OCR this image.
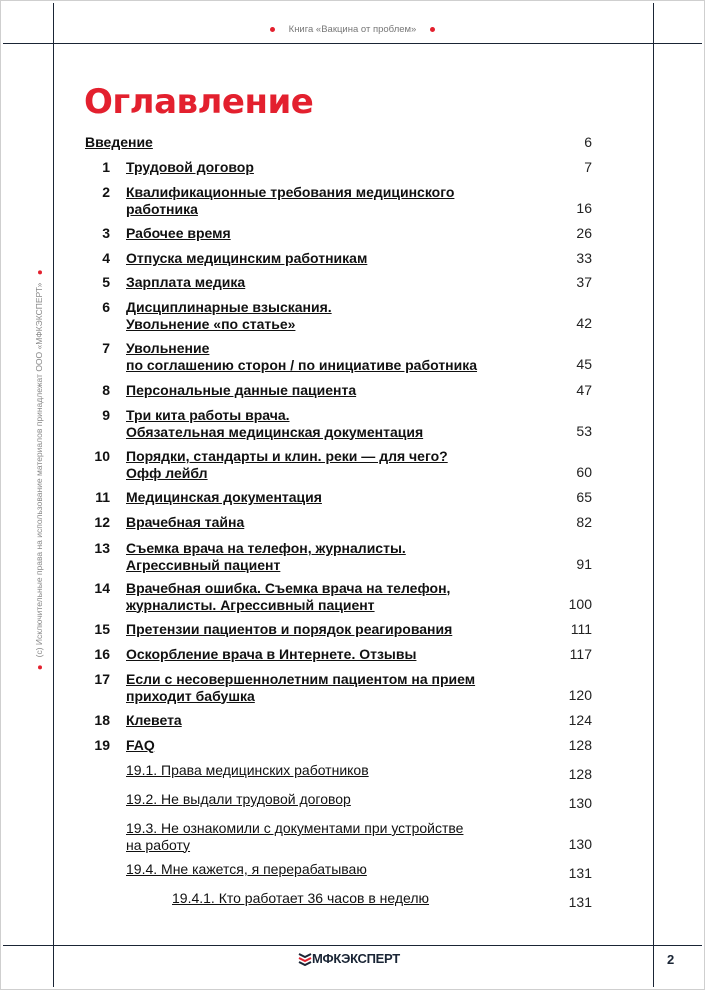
Книга «Вакцина от проблем»
(с) Исключительные права на использование материалов принадлежат ООО «МФКЭКСПЕРТ»
Оглавление
Введение	6
1 Трудовой договор	7
2 Квалификационные требования медицинского
работника	16
3 Рабочее время	26
4 Отпуска медицинским работникам	33
5 Зарплата медика	37
6 Дисциплинарные взыскания.
Увольнение «по статье»	42
7 Увольнение
по соглашению сторон / по инициативе работника	45
8 Персональные данные пациента	47
9 Три кита работы врача.
Обязательная медицинская документация	53
10 Порядки, стандарты и клин. реки — для чего?
Офф лейбл	60
11 Медицинская документация	65
12 Врачебная тайна	82
13 Съемка врача на телефон, журналисты.
Агрессивный пациент	91
14 Врачебная ошибка. Съемка врача на телефон,
журналисты. Агрессивный пациент	100
15 Претензии пациентов и порядок реагирования	111
16 Оскорбление врача в Интернете. Отзывы	117
17 Если с несовершеннолетним пациентом на прием
приходит бабушка	120
18 Клевета	124
19 FAQ	128
19.1. Права медицинских работников	128
19.2. Не выдали трудовой договор	130
19.3. Не ознакомили с документами при устройстве
на работу	130
19.4. Мне кажется, я перерабатываю	131
19.4.1. Кто работает 36 часов в неделю	131
МФКЭКСПЕРТ	2
